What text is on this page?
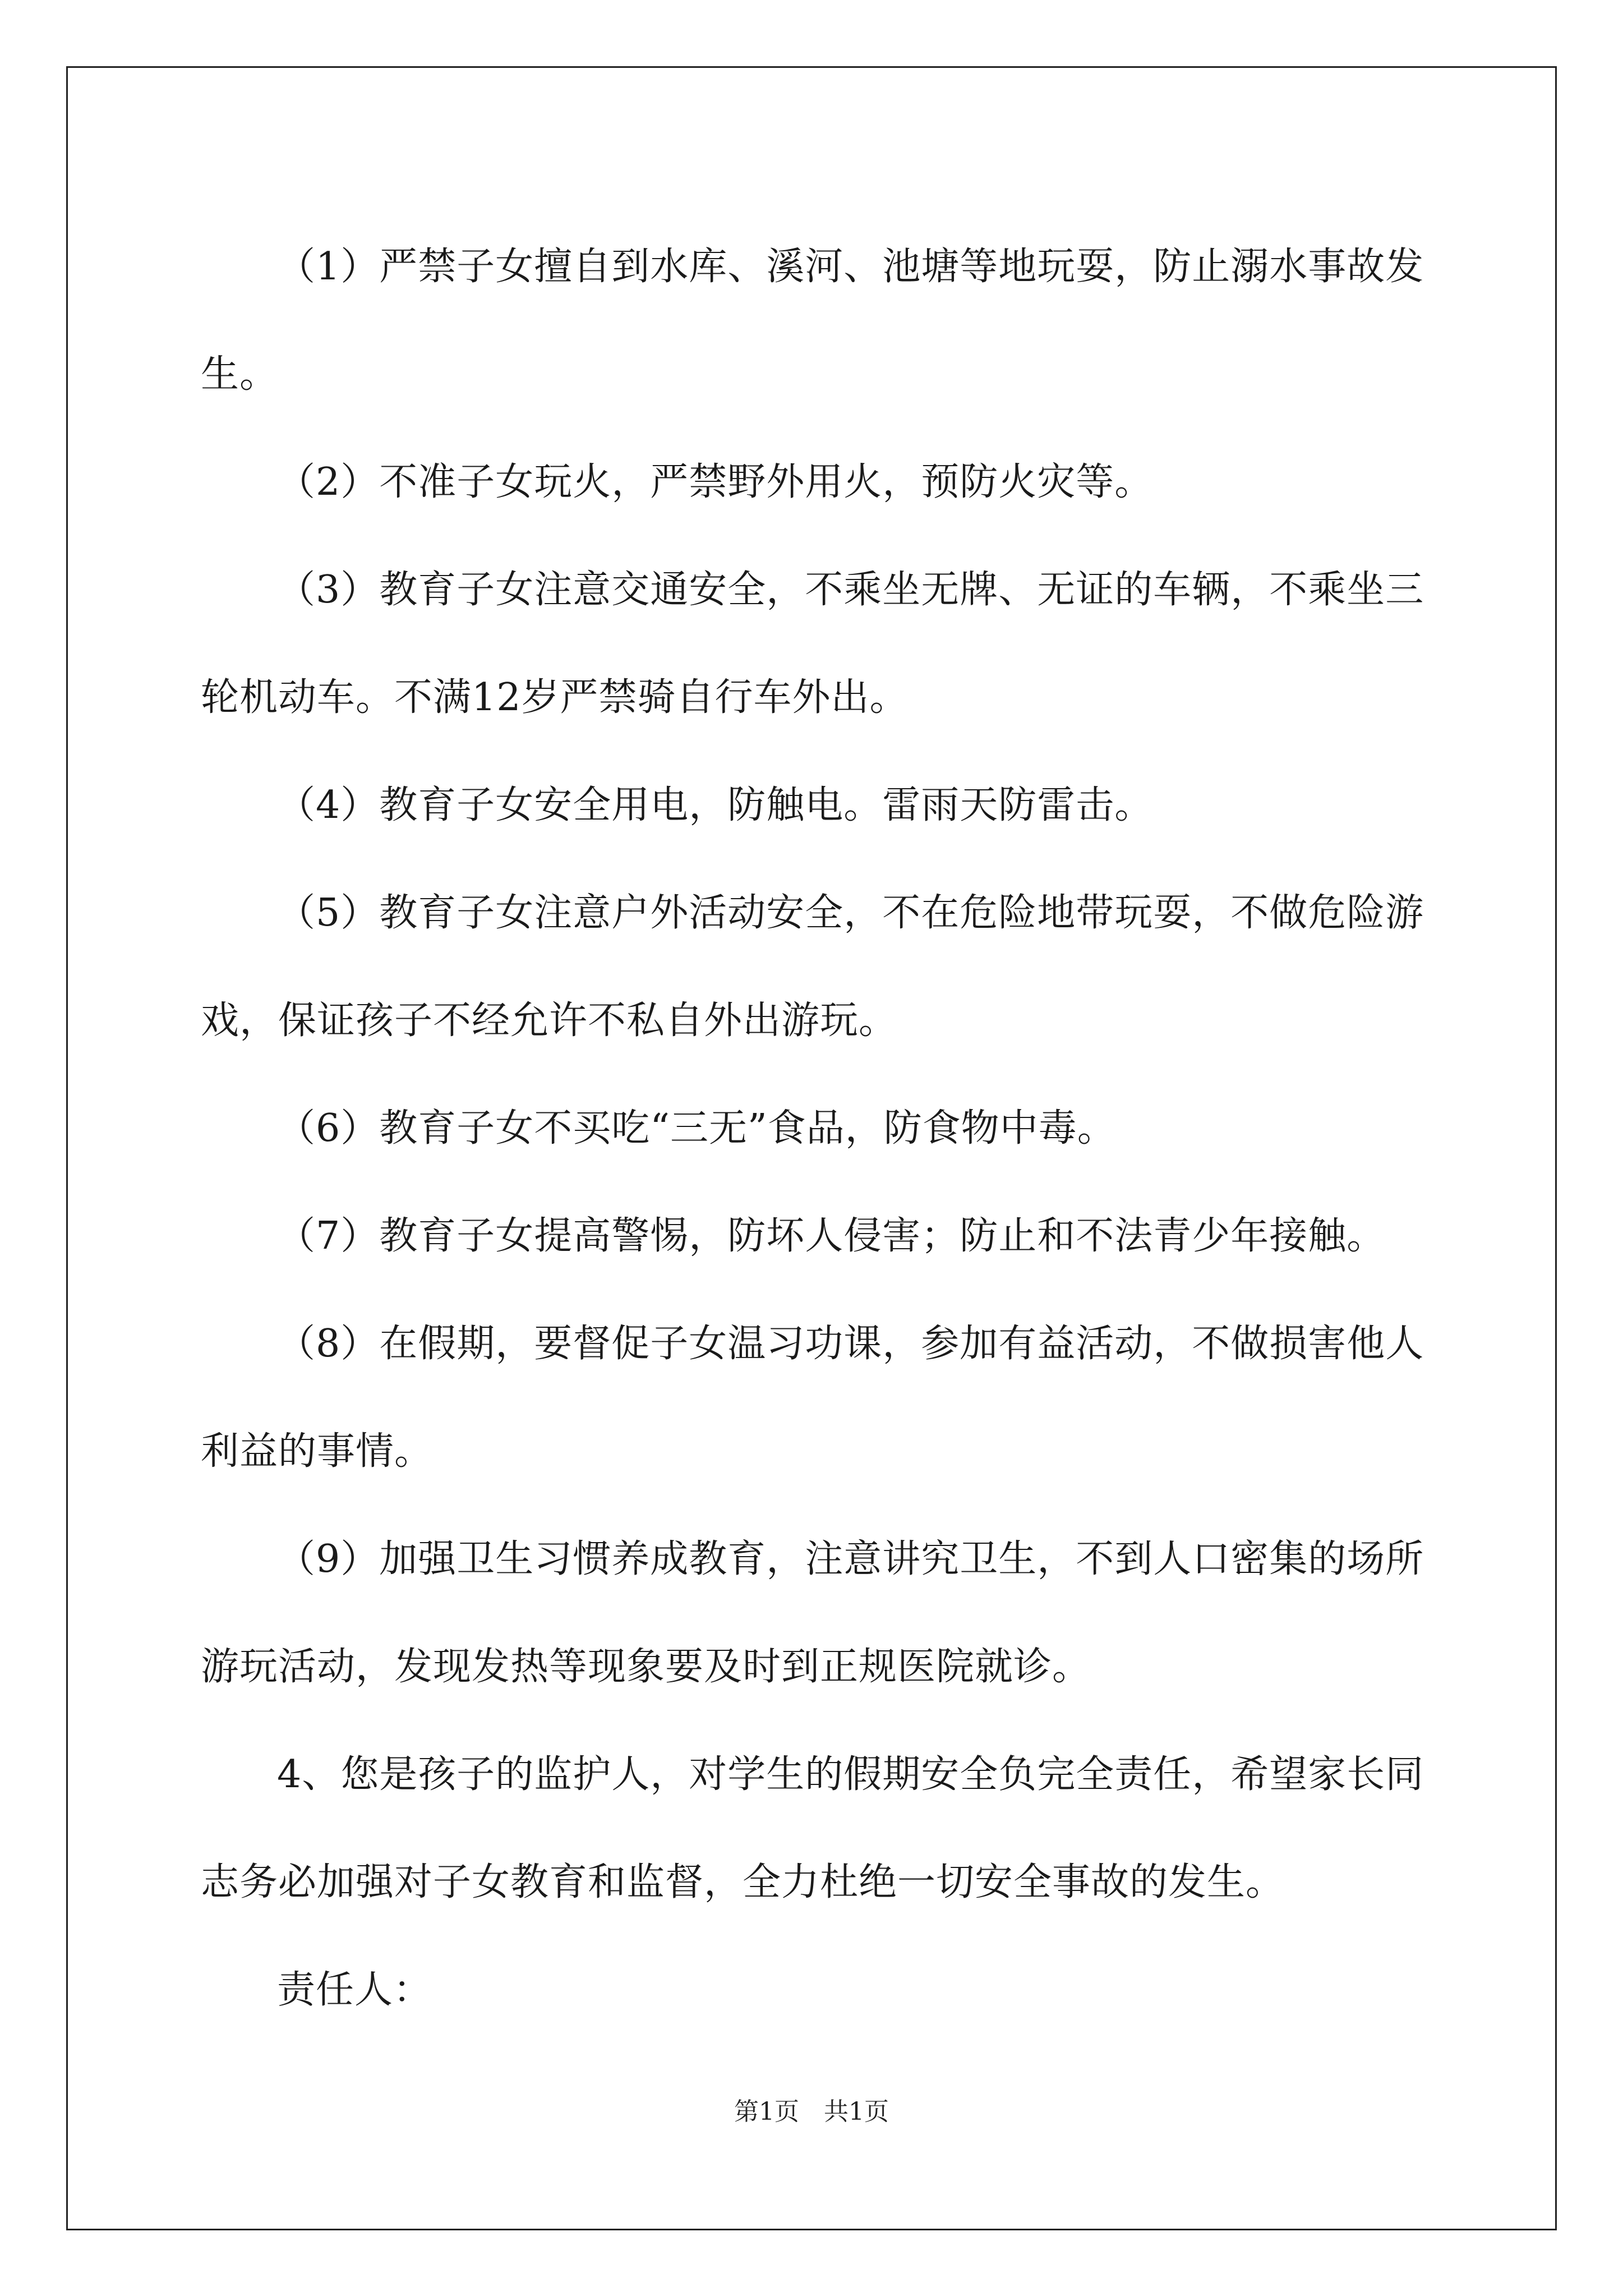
（1）严禁子女擅自到水库、溪河、池塘等地玩耍，防止溺水事故发生。

（2）不准子女玩火，严禁野外用火，预防火灾等。

（3）教育子女注意交通安全，不乘坐无牌、无证的车辆，不乘坐三轮机动车。不满12岁严禁骑自行车外出。

（4）教育子女安全用电，防触电。雷雨天防雷击。

（5）教育子女注意户外活动安全，不在危险地带玩耍，不做危险游戏，保证孩子不经允许不私自外出游玩。

（6）教育子女不买吃“三无”食品，防食物中毒。

（7）教育子女提高警惕，防坏人侵害；防止和不法青少年接触。

（8）在假期，要督促子女温习功课，参加有益活动，不做损害他人利益的事情。

（9）加强卫生习惯养成教育，注意讲究卫生，不到人口密集的场所游玩活动，发现发热等现象要及时到正规医院就诊。

4、您是孩子的监护人，对学生的假期安全负完全责任，希望家长同志务必加强对子女教育和监督，全力杜绝一切安全事故的发生。

责任人：

第1页　共1页
